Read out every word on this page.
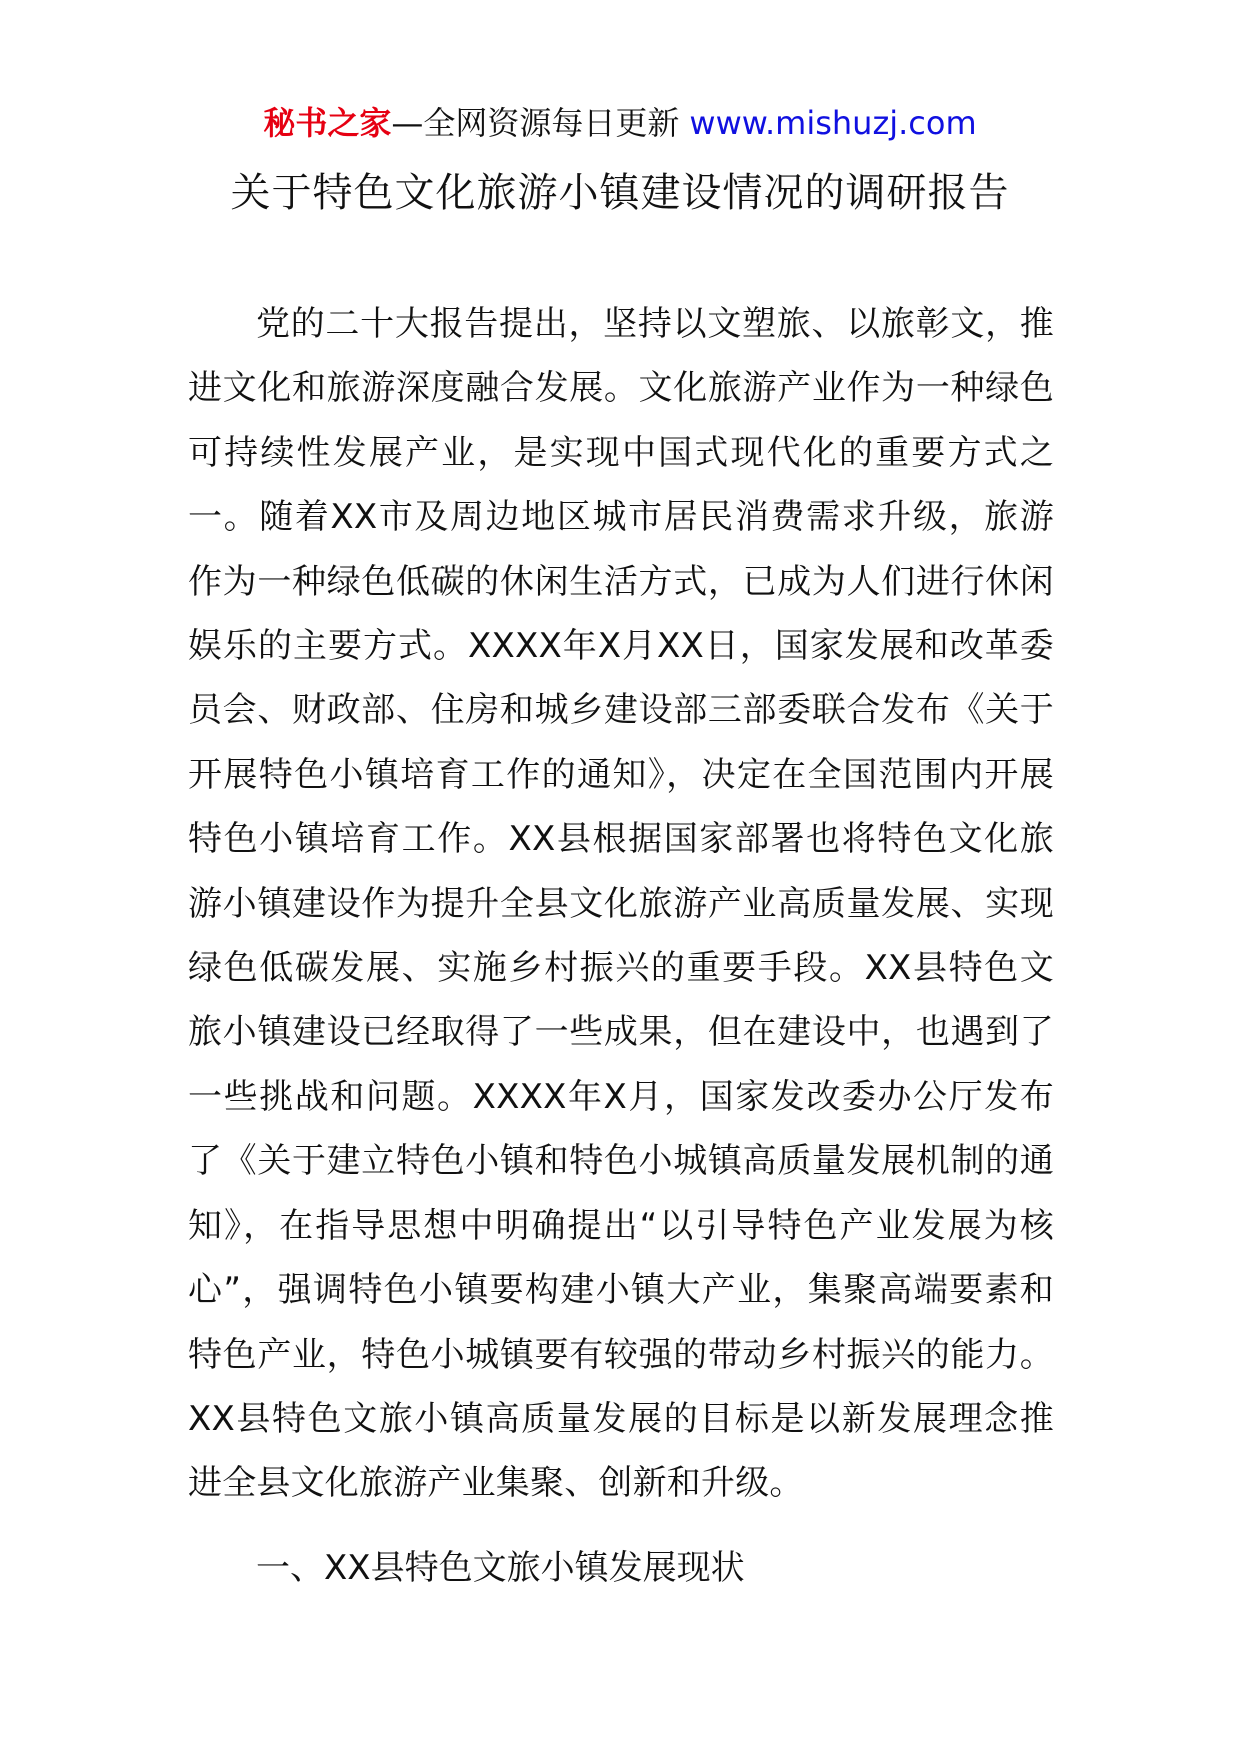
秘书之家—全网资源每日更新 www.mishuzj.com
关于特色文化旅游小镇建设情况的调研报告

党的二十大报告提出，坚持以文塑旅、以旅彰文，推进文化和旅游深度融合发展。文化旅游产业作为一种绿色可持续性发展产业，是实现中国式现代化的重要方式之一。随着XX市及周边地区城市居民消费需求升级，旅游作为一种绿色低碳的休闲生活方式，已成为人们进行休闲娱乐的主要方式。XXXX年X月XX日，国家发展和改革委员会、财政部、住房和城乡建设部三部委联合发布《关于开展特色小镇培育工作的通知》，决定在全国范围内开展特色小镇培育工作。XX县根据国家部署也将特色文化旅游小镇建设作为提升全县文化旅游产业高质量发展、实现绿色低碳发展、实施乡村振兴的重要手段。XX县特色文旅小镇建设已经取得了一些成果，但在建设中，也遇到了一些挑战和问题。XXXX年X月，国家发改委办公厅发布了《关于建立特色小镇和特色小城镇高质量发展机制的通知》，在指导思想中明确提出“以引导特色产业发展为核心”，强调特色小镇要构建小镇大产业，集聚高端要素和特色产业，特色小城镇要有较强的带动乡村振兴的能力。XX县特色文旅小镇高质量发展的目标是以新发展理念推进全县文化旅游产业集聚、创新和升级。

一、XX县特色文旅小镇发展现状
